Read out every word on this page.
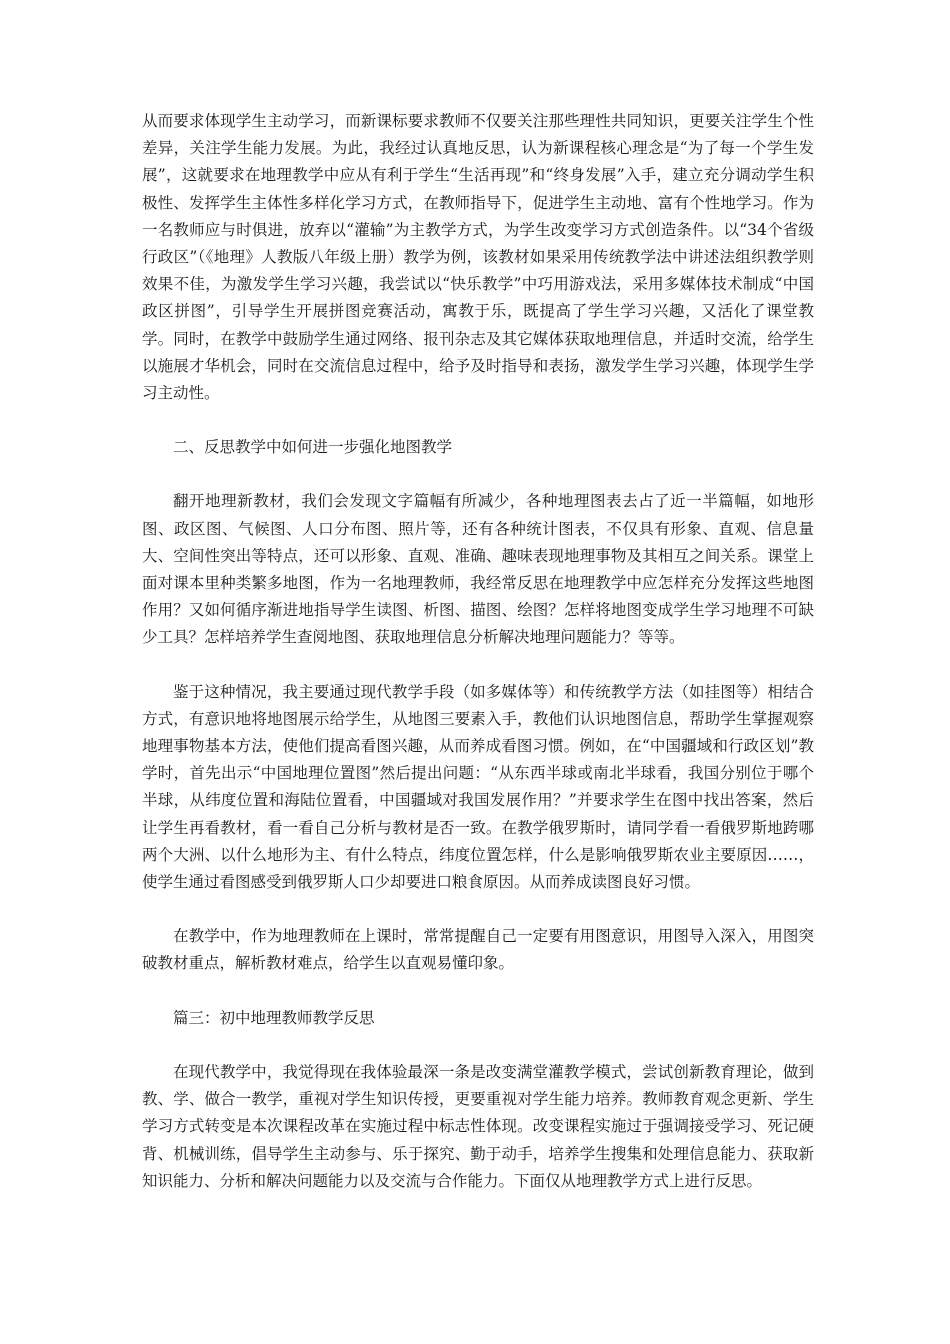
从而要求体现学生主动学习，而新课标要求教师不仅要关注那些理性共同知识，更要关注学生个性差异，关注学生能力发展。为此，我经过认真地反思，认为新课程核心理念是“为了每一个学生发展”，这就要求在地理教学中应从有利于学生“生活再现”和“终身发展”入手，建立充分调动学生积极性、发挥学生主体性多样化学习方式，在教师指导下，促进学生主动地、富有个性地学习。作为一名教师应与时俱进，放弃以“灌输”为主教学方式，为学生改变学习方式创造条件。以“34个省级行政区”（《地理》人教版八年级上册）教学为例，该教材如果采用传统教学法中讲述法组织教学则效果不佳，为激发学生学习兴趣，我尝试以“快乐教学”中巧用游戏法，采用多媒体技术制成“中国政区拼图”，引导学生开展拼图竞赛活动，寓教于乐，既提高了学生学习兴趣，又活化了课堂教学。同时，在教学中鼓励学生通过网络、报刊杂志及其它媒体获取地理信息，并适时交流，给学生以施展才华机会，同时在交流信息过程中，给予及时指导和表扬，激发学生学习兴趣，体现学生学习主动性。

二、反思教学中如何进一步强化地图教学

翻开地理新教材，我们会发现文字篇幅有所减少，各种地理图表去占了近一半篇幅，如地形图、政区图、气候图、人口分布图、照片等，还有各种统计图表，不仅具有形象、直观、信息量大、空间性突出等特点，还可以形象、直观、准确、趣味表现地理事物及其相互之间关系。课堂上面对课本里种类繁多地图，作为一名地理教师，我经常反思在地理教学中应怎样充分发挥这些地图作用？又如何循序渐进地指导学生读图、析图、描图、绘图？怎样将地图变成学生学习地理不可缺少工具？怎样培养学生查阅地图、获取地理信息分析解决地理问题能力？等等。

鉴于这种情况，我主要通过现代教学手段（如多媒体等）和传统教学方法（如挂图等）相结合方式，有意识地将地图展示给学生，从地图三要素入手，教他们认识地图信息，帮助学生掌握观察地理事物基本方法，使他们提高看图兴趣，从而养成看图习惯。例如，在“中国疆域和行政区划”教学时，首先出示“中国地理位置图”然后提出问题：“从东西半球或南北半球看，我国分别位于哪个半球，从纬度位置和海陆位置看，中国疆域对我国发展作用？”并要求学生在图中找出答案，然后让学生再看教材，看一看自己分析与教材是否一致。在教学俄罗斯时，请同学看一看俄罗斯地跨哪两个大洲、以什么地形为主、有什么特点，纬度位置怎样，什么是影响俄罗斯农业主要原因……，使学生通过看图感受到俄罗斯人口少却要进口粮食原因。从而养成读图良好习惯。

在教学中，作为地理教师在上课时，常常提醒自己一定要有用图意识，用图导入深入，用图突破教材重点，解析教材难点，给学生以直观易懂印象。

篇三：初中地理教师教学反思

在现代教学中，我觉得现在我体验最深一条是改变满堂灌教学模式，尝试创新教育理论，做到教、学、做合一教学，重视对学生知识传授，更要重视对学生能力培养。教师教育观念更新、学生学习方式转变是本次课程改革在实施过程中标志性体现。改变课程实施过于强调接受学习、死记硬背、机械训练，倡导学生主动参与、乐于探究、勤于动手，培养学生搜集和处理信息能力、获取新知识能力、分析和解决问题能力以及交流与合作能力。下面仅从地理教学方式上进行反思。
